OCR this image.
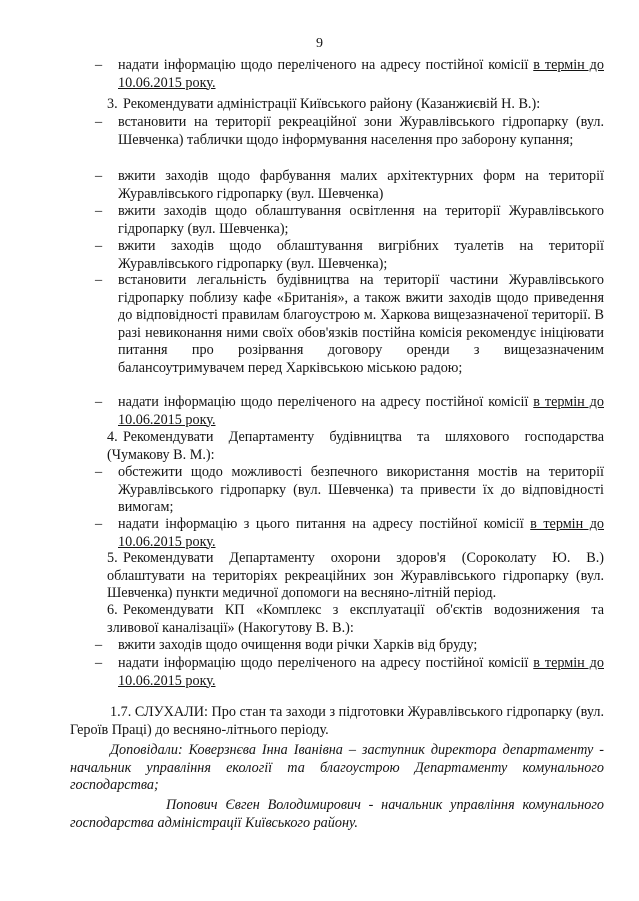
9
– надати інформацію щодо переліченого на адресу постійної комісії в термін до 10.06.2015 року.
3. Рекомендувати адміністрації Київського району (Казанжиєвій Н. В.):
– встановити на території рекреаційної зони Журавлівського гідропарку (вул. Шевченка) таблички щодо інформування населення про заборону купання;
– вжити заходів щодо фарбування малих архітектурних форм на території Журавлівського гідропарку (вул. Шевченка)
– вжити заходів щодо облаштування освітлення на території Журавлівського гідропарку (вул. Шевченка);
– вжити заходів щодо облаштування вигрібних туалетів на території Журавлівського гідропарку (вул. Шевченка);
– встановити легальність будівництва на території частини Журавлівського гідропарку поблизу кафе «Британія», а також вжити заходів щодо приведення до відповідності правилам благоустрою м. Харкова вищезазначеної території. В разі невиконання ними своїх обов'язків постійна комісія рекомендує ініціювати питання про розірвання договору оренди з вищезазначеним балансоутримувачем перед Харківською міською радою;
– надати інформацію щодо переліченого на адресу постійної комісії в термін до 10.06.2015 року.
4. Рекомендувати Департаменту будівництва та шляхового господарства (Чумакову В. М.):
– обстежити щодо можливості безпечного використання мостів на території Журавлівського гідропарку (вул. Шевченка) та привести їх до відповідності вимогам;
– надати інформацію з цього питання на адресу постійної комісії в термін до 10.06.2015 року.
5. Рекомендувати Департаменту охорони здоров'я (Сороколату Ю. В.) облаштувати на територіях рекреаційних зон Журавлівського гідропарку (вул. Шевченка) пункти медичної допомоги на весняно-літній період.
6. Рекомендувати КП «Комплекс з експлуатації об'єктів водознижения та зливової каналізації» (Накогутову В. В.):
– вжити заходів щодо очищення води річки Харків від бруду;
– надати інформацію щодо переліченого на адресу постійної комісії в термін до 10.06.2015 року.
1.7. СЛУХАЛИ: Про стан та заходи з підготовки Журавлівського гідропарку (вул. Героїв Праці) до весняно-літнього періоду.
Доповідали: Коверзнєва Інна Іванівна – заступник директора департаменту - начальник управління екології та благоустрою Департаменту комунального господарства;
Попович Євген Володимирович - начальник управління комунального господарства адміністрації Київського району.
